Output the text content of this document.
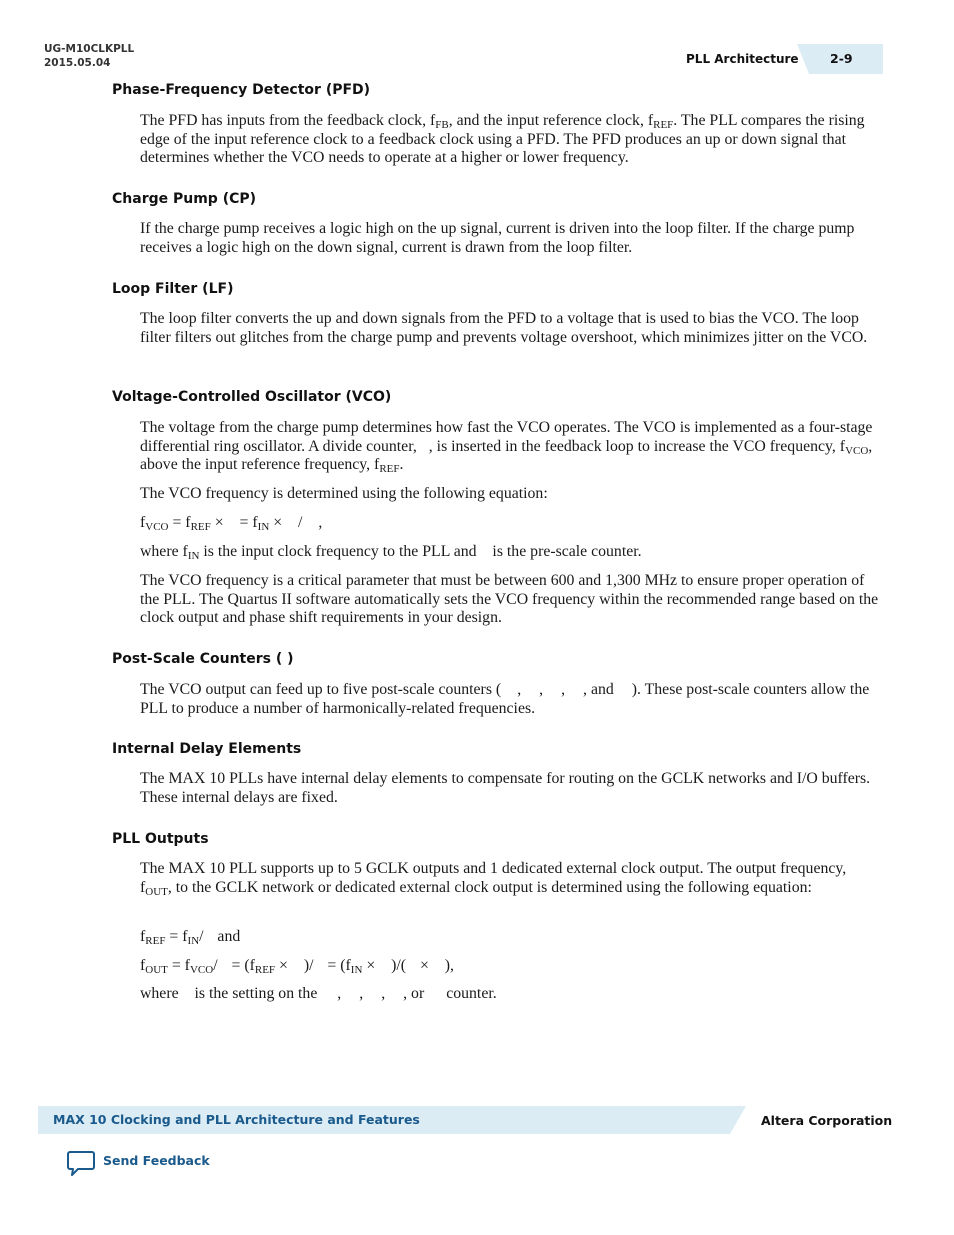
UG-M10CLKPLL
2015.05.04	PLL Architecture	2-9
Phase-Frequency Detector (PFD)

The PFD has inputs from the feedback clock, $f_{FB}$, and the input reference clock, $f_{REF}$. The PLL compares the rising edge of the input reference clock to a feedback clock using a PFD. The PFD produces an up or down signal that determines whether the VCO needs to operate at a higher or lower frequency.

Charge Pump (CP)

If the charge pump receives a logic high on the up signal, current is driven into the loop filter. If the charge pump receives a logic high on the down signal, current is drawn from the loop filter.

Loop Filter (LF)

The loop filter converts the up and down signals from the PFD to a voltage that is used to bias the VCO. The loop filter filters out glitches from the charge pump and prevents voltage overshoot, which minimizes jitter on the VCO.

Voltage-Controlled Oscillator (VCO)

The voltage from the charge pump determines how fast the VCO operates. The VCO is implemented as a four-stage differential ring oscillator. A divide counter, , is inserted in the feedback loop to increase the VCO frequency, $f_{VCO}$, above the input reference frequency, $f_{REF}$.

The VCO frequency is determined using the following equation:

$f_{VCO} = f_{REF}$ ×  = $f_{IN}$ ×  /  ,

where $f_{IN}$ is the input clock frequency to the PLL and  is the pre-scale counter.

The VCO frequency is a critical parameter that must be between 600 and 1,300 MHz to ensure proper operation of the PLL. The Quartus II software automatically sets the VCO frequency within the recommended range based on the clock output and phase shift requirements in your design.

Post-Scale Counters ( )

The VCO output can feed up to five post-scale counters ( , , , , and ). These post-scale counters allow the PLL to produce a number of harmonically-related frequencies.

Internal Delay Elements

The MAX 10 PLLs have internal delay elements to compensate for routing on the GCLK networks and I/O buffers. These internal delays are fixed.

PLL Outputs

The MAX 10 PLL supports up to 5 GCLK outputs and 1 dedicated external clock output. The output frequency, $f_{OUT}$, to the GCLK network or dedicated external clock output is determined using the following equation:

$f_{REF} = f_{IN}/$  and

$f_{OUT} = f_{VCO}/ = (f_{REF}$ ×  )/  = ($f_{IN}$ ×  )/(  ×  ),

where  is the setting on the , , , , or counter.

MAX 10 Clocking and PLL Architecture and Features	Altera Corporation
Send Feedback
